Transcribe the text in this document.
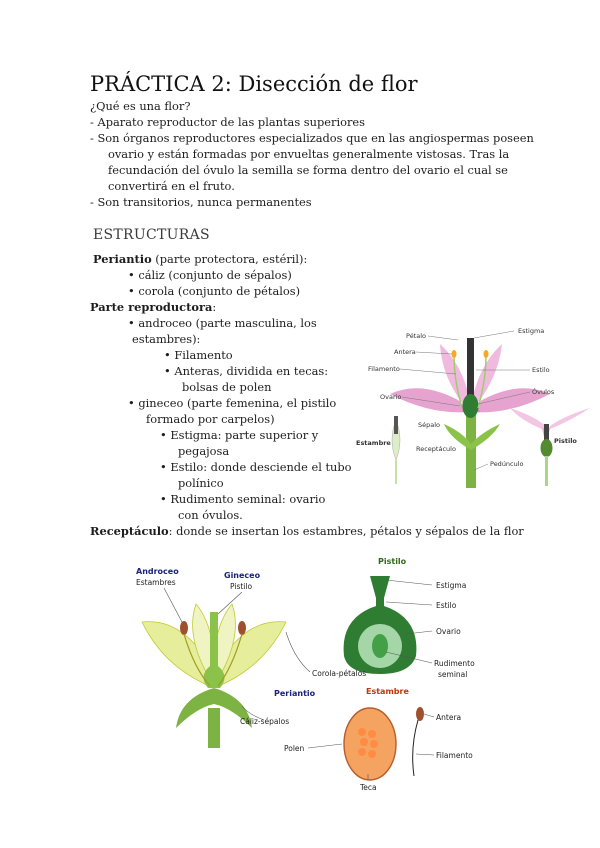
PRÁCTICA 2: Disección de flor
¿Qué es una flor?
- Aparato reproductor de las plantas superiores
- Son órganos reproductores especializados que en las angiospermas poseen
ovario y están formadas por envueltas generalmente vistosas. Tras la
fecundación del óvulo la semilla se forma dentro del ovario el cual se
convertirá en el fruto.
- Son transitorios, nunca permanentes
ESTRUCTURAS
Periantio (parte protectora, estéril):
• cáliz (conjunto de sépalos)
• corola (conjunto de pétalos)
Parte reproductora:
• androceo (parte masculina, los
estambres):
• Filamento
• Anteras, dividida en tecas:
bolsas de polen
• gineceo (parte femenina, el pistilo
formado por carpelos)
• Estigma: parte superior y
pegajosa
• Estilo: donde desciende el tubo
polínico
• Rudimento seminal: ovario
con óvulos.
Receptáculo: donde se insertan los estambres, pétalos y sépalos de la flor
Pétalo
Antera
Filamento
Ovario
Estambre
Sépalo
Receptáculo
Pedúnculo
Estigma
Estilo
Óvulos
Pistilo
Androceo
Estambres
Gineceo
Pistilo
Corola-pétalos
Periantio
Cáliz-sépalos
Pistilo
Estigma
Estilo
Ovario
Rudimento
seminal
Estambre
Antera
Polen
Filamento
Teca
